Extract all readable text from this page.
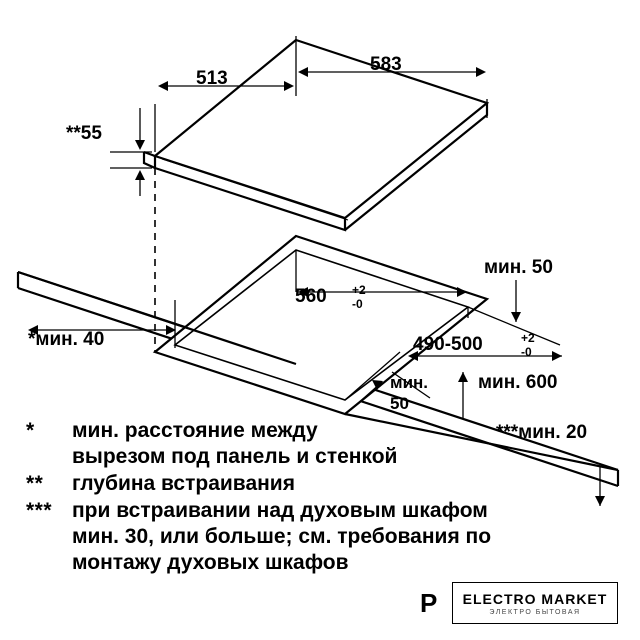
583
513
**55
560 +2
-0
490-500	+2
-0
*мин. 40
мин. 50
мин.
50
мин. 600
***мин. 20
*	мин. расстояние между
вырезом под панель и стенкой
**	глубина встраивания
*** при встраивании над духовым шкафом
мин. 30, или больше; см. требования по
монтажу духовых шкафов
P ELECTRO MARKET
ЭЛЕКТРО БЫТОВАЯ
